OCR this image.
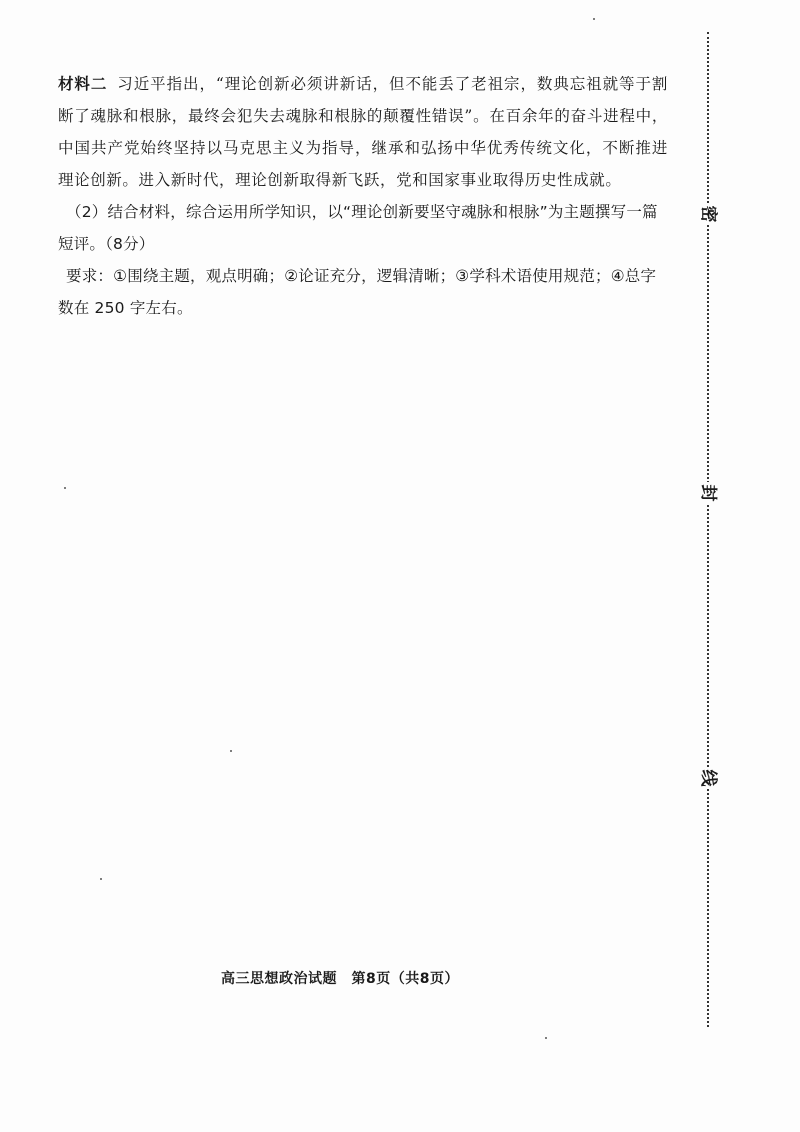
材料二 习近平指出，“理论创新必须讲新话，但不能丢了老祖宗，数典忘祖就等于割断了魂脉和根脉，最终会犯失去魂脉和根脉的颠覆性错误”。在百余年的奋斗进程中，中国共产党始终坚持以马克思主义为指导，继承和弘扬中华优秀传统文化，不断推进理论创新。进入新时代，理论创新取得新飞跃，党和国家事业取得历史性成就。

（2）结合材料，综合运用所学知识，以“理论创新要坚守魂脉和根脉”为主题撰写一篇短评。（8分）

要求：①围绕主题，观点明确；②论证充分，逻辑清晰；③学科术语使用规范；④总字数在 250 字左右。

密
封
线
高三思想政治试题　第8页（共8页）
